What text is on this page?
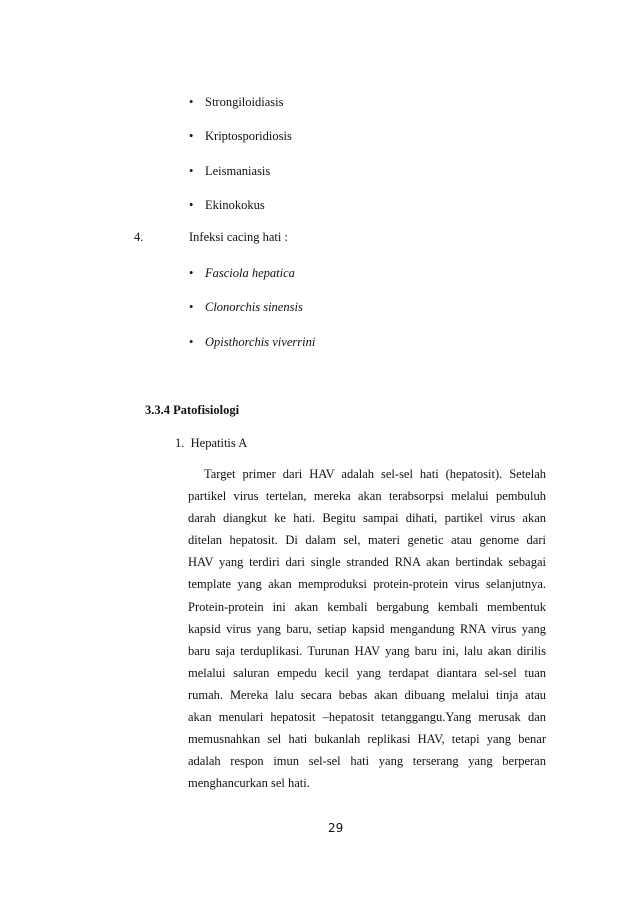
• Strongiloidiasis
• Kriptosporidiosis
• Leismaniasis
• Ekinokokus
4.	Infeksi cacing hati :
• Fasciola hepatica
• Clonorchis sinensis
• Opisthorchis viverrini
3.3.4 Patofisiologi
1. Hepatitis A
Target primer dari HAV adalah sel-sel hati (hepatosit). Setelah
partikel virus tertelan, mereka akan terabsorpsi melalui pembuluh
darah diangkut ke hati. Begitu sampai dihati, partikel virus akan
ditelan hepatosit. Di dalam sel, materi genetic atau genome dari
HAV yang terdiri dari single stranded RNA akan bertindak sebagai
template yang akan memproduksi protein-protein virus selanjutnya.
Protein-protein ini akan kembali bergabung kembali membentuk
kapsid virus yang baru, setiap kapsid mengandung RNA virus yang
baru saja terduplikasi. Turunan HAV yang baru ini, lalu akan dirilis
melalui saluran empedu kecil yang terdapat diantara sel-sel tuan
rumah. Mereka lalu secara bebas akan dibuang melalui tinja atau
akan menulari hepatosit –hepatosit tetanggangu.Yang merusak dan
memusnahkan sel hati bukanlah replikasi HAV, tetapi yang benar
adalah respon imun sel-sel hati yang terserang yang berperan
menghancurkan sel hati.
29
